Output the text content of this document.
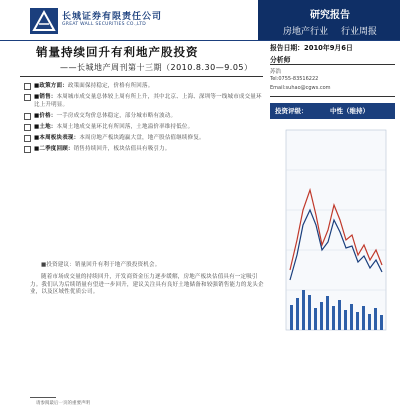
长城证券有限责任公司
GREAT WALL SECURITIES CO.,LTD
研究报告
房地产行业 行业周报
销量持续回升有利地产股投资
——长城地产周刊第十三期（2010.8.30—9.05）
■政策方面：政策面保持稳定，价格有所回落。
■销售：本周城市成交量总体较上周有所上升，其中北京、上海、深圳等一线城市成交量环比上升明显。
■价格：一手房成交均价总体稳定，部分城市略有波动。
■土地：本周土地成交量环比有所回落，土地溢价率维持低位。
■本周板块表现：本周房地产板块跑赢大盘，地产股估值继续修复。
■二季度回顾：销售持续回升，板块估值具有吸引力。
■投资建议：销量回升有利于地产股投资机会。
随着市场成交量的持续回升，开发商资金压力逐步缓解，房地产板块估值具有一定吸引力。我们认为后续销量有望进一步回升，建议关注具有良好土地储备和较强销售能力的龙头企业，以及区域性优质公司。
请参阅最后一页的重要声明
报告日期：2010年9月6日
分析师
苏浩
Tel:0755-83516222
Email:suhao@cgws.com
投资评级：	中性（维持）
